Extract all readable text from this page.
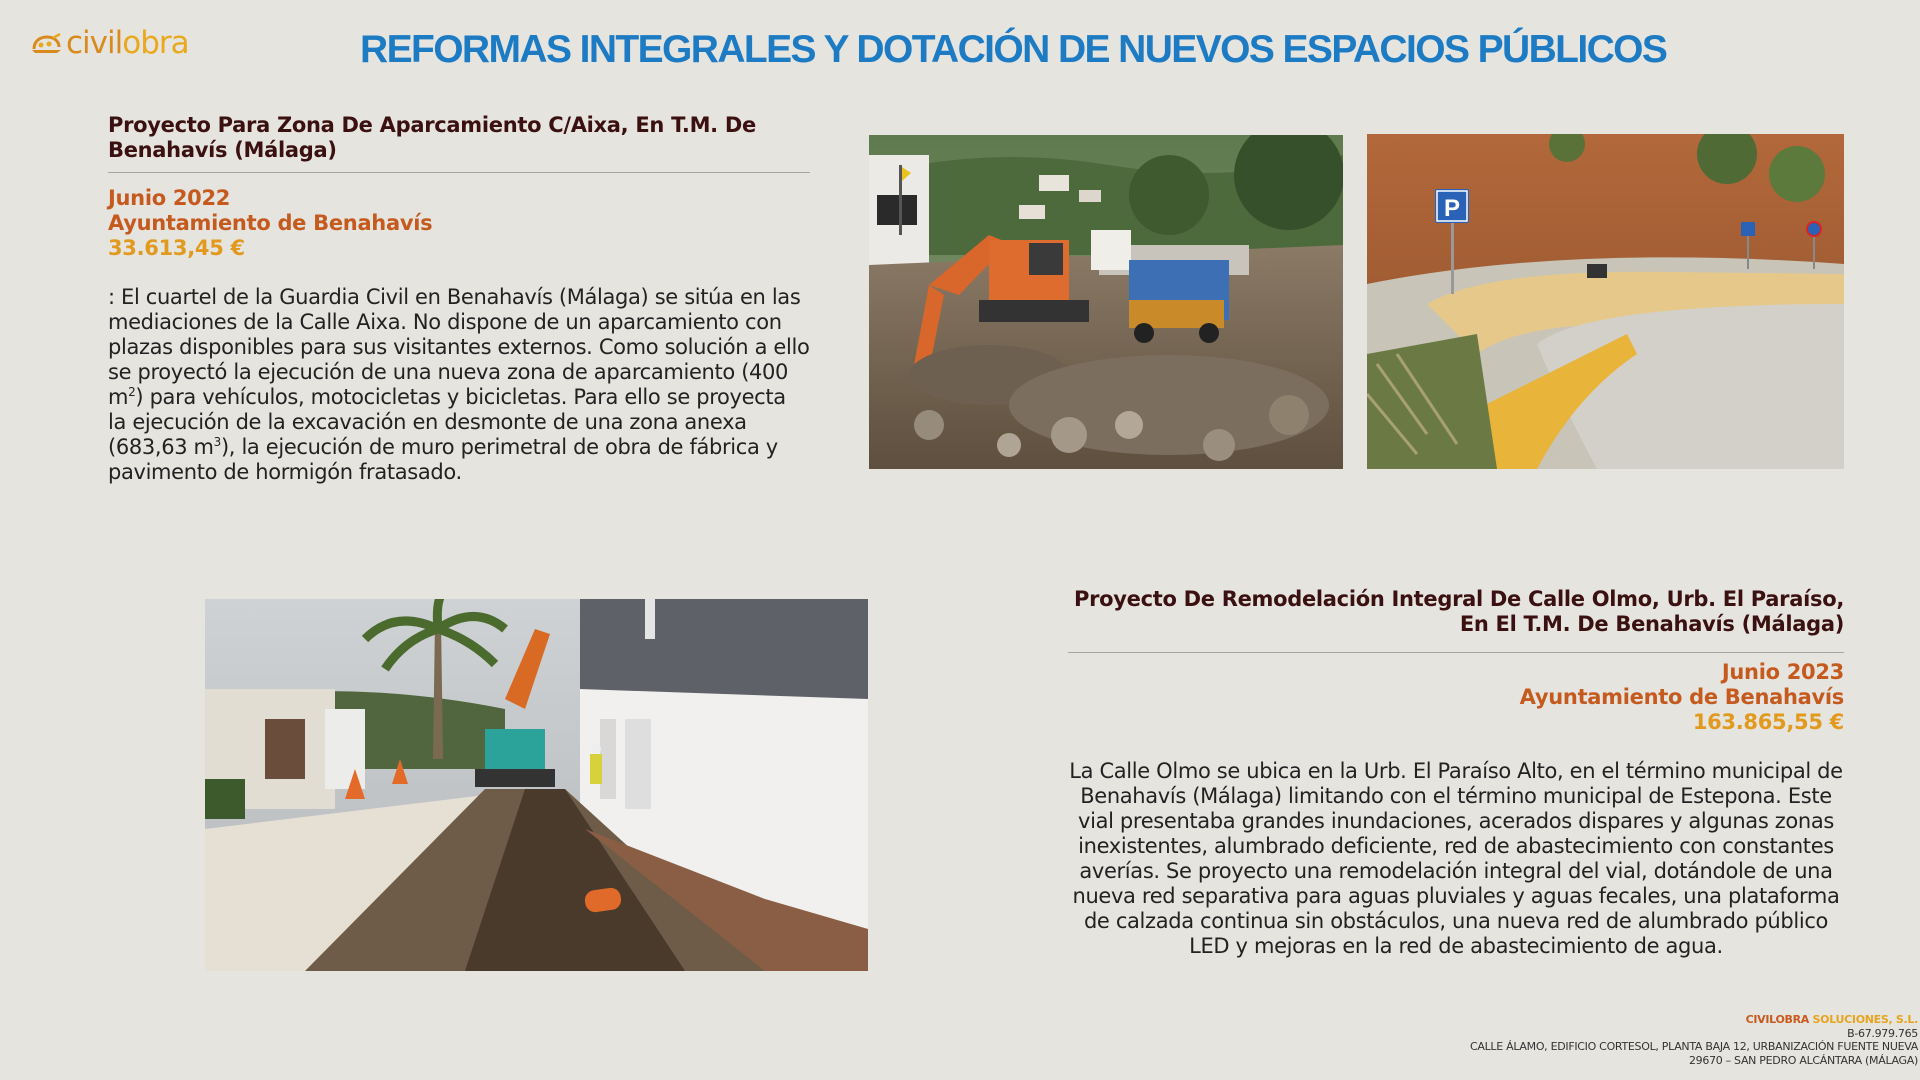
civilobra	REFORMAS INTEGRALES Y DOTACIÓN DE NUEVOS ESPACIOS PÚBLICOS
Proyecto Para Zona De Aparcamiento C/Aixa, En T.M. De Benahavís (Málaga)
Junio 2022
Ayuntamiento de Benahavís
33.613,45 €
: El cuartel de la Guardia Civil en Benahavís (Málaga) se sitúa en las mediaciones de la Calle Aixa. No dispone de un aparcamiento con plazas disponibles para sus visitantes externos. Como solución a ello se proyectó la ejecución de una nueva zona de aparcamiento (400 $m^2$) para vehículos, motocicletas y bicicletas. Para ello se proyecta la ejecución de la excavación en desmonte de una zona anexa (683,63 $m^3$), la ejecución de muro perimetral de obra de fábrica y pavimento de hormigón fratasado.
P
Proyecto De Remodelación Integral De Calle Olmo, Urb. El Paraíso, En El T.M. De Benahavís (Málaga)
Junio 2023
Ayuntamiento de Benahavís
163.865,55 €
La Calle Olmo se ubica en la Urb. El Paraíso Alto, en el término municipal de Benahavís (Málaga) limitando con el término municipal de Estepona. Este vial presentaba grandes inundaciones, acerados dispares y algunas zonas inexistentes, alumbrado deficiente, red de abastecimiento con constantes averías. Se proyecto una remodelación integral del vial, dotándole de una nueva red separativa para aguas pluviales y aguas fecales, una plataforma de calzada continua sin obstáculos, una nueva red de alumbrado público LED y mejoras en la red de abastecimiento de agua.
CIVILOBRA SOLUCIONES, S.L.
B-67.979.765
CALLE ÁLAMO, EDIFICIO CORTESOL, PLANTA BAJA 12, URBANIZACIÓN FUENTE NUEVA
29670 – SAN PEDRO ALCÁNTARA (MÁLAGA)
